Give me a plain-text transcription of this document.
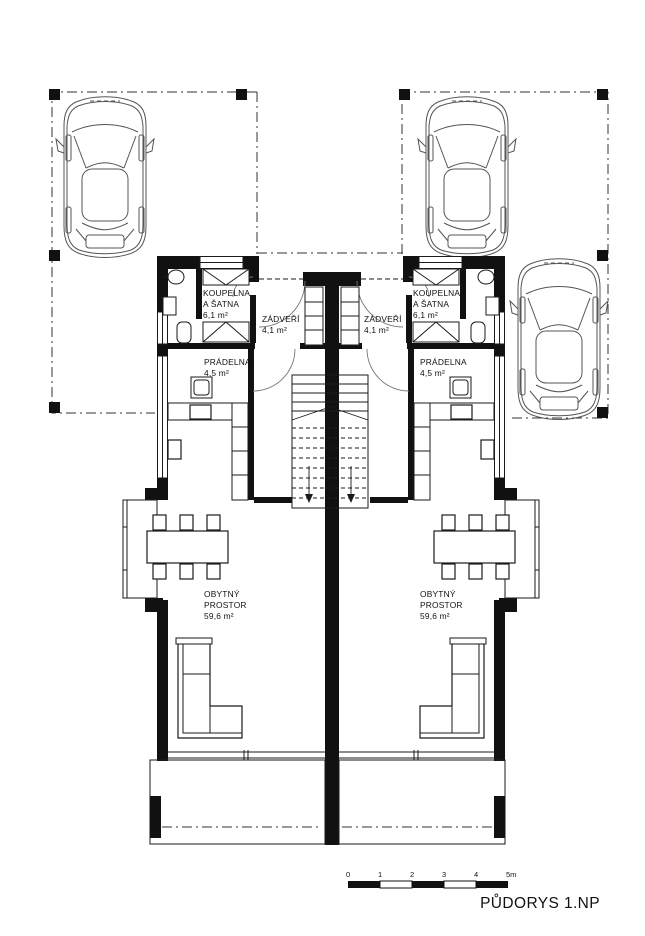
KOUPELNA
A ŠATNA
6,1 m²	ZÁDVEŘÍ
4,1 m²
PRÁDELNA
4,5 m²
OBYTNÝ
PROSTOR
59,6 m²
KOUPELNA
A ŠATNA
6,1 m²
ZÁDVEŘÍ
4,1 m²
PRÁDELNA
4,5 m²
OBYTNÝ
PROSTOR
59,6 m²
0	1	2	3	4	5m
PŮDORYS 1.NP
